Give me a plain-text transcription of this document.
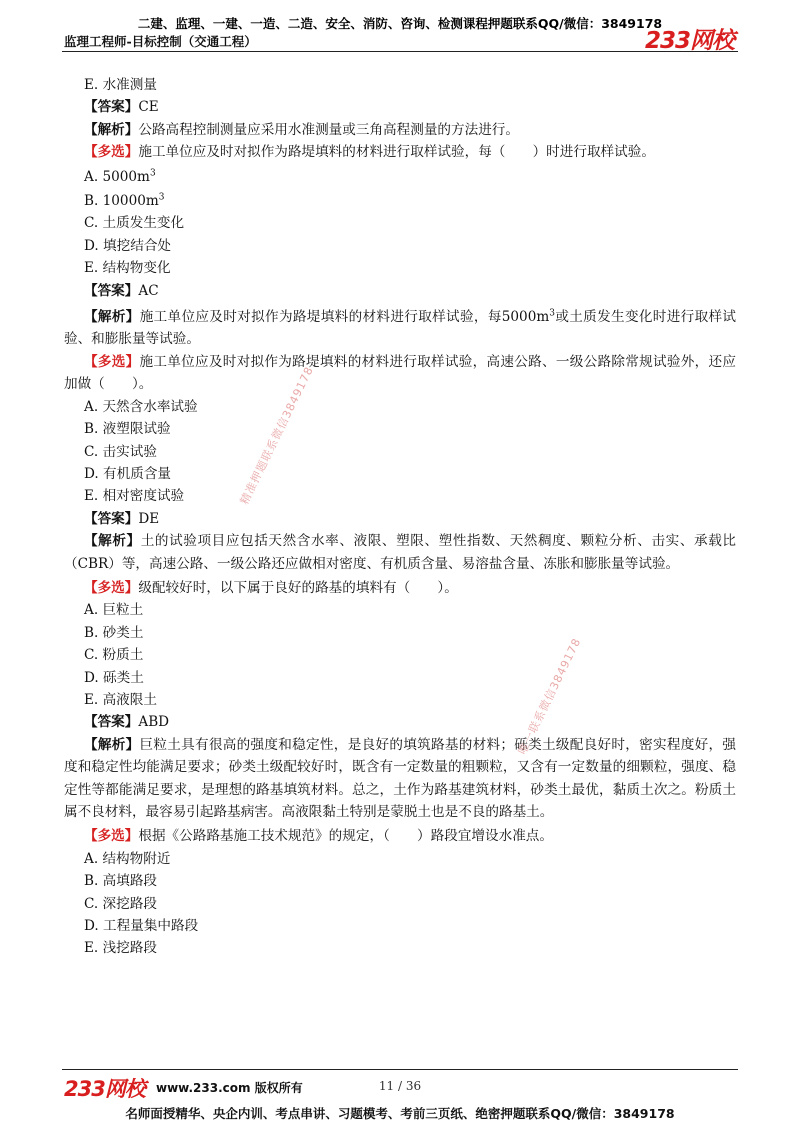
二建、监理、一建、一造、二造、安全、消防、咨询、检测课程押题联系QQ/微信：3849178
监理工程师-目标控制（交通工程）	233网校
E. 水准测量
【答案】CE
【解析】公路高程控制测量应采用水准测量或三角高程测量的方法进行。
【多选】施工单位应及时对拟作为路堤填料的材料进行取样试验，每（　　）时进行取样试验。
A. $5000m^3$
B. $10000m^3$
C. 土质发生变化
D. 填挖结合处
E. 结构物变化
【答案】AC
【解析】施工单位应及时对拟作为路堤填料的材料进行取样试验，每$5000m^3$或土质发生变化时进行取样试验、和膨胀量等试验。
【多选】施工单位应及时对拟作为路堤填料的材料进行取样试验，高速公路、一级公路除常规试验外，还应加做（　　）。
A. 天然含水率试验
B. 液塑限试验
C. 击实试验
D. 有机质含量
E. 相对密度试验
【答案】DE
【解析】土的试验项目应包括天然含水率、液限、塑限、塑性指数、天然稠度、颗粒分析、击实、承载比（CBR）等，高速公路、一级公路还应做相对密度、有机质含量、易溶盐含量、冻胀和膨胀量等试验。
【多选】级配较好时，以下属于良好的路基的填料有（　　）。
A. 巨粒土
B. 砂类土
C. 粉质土
D. 砾类土
E. 高液限土
【答案】ABD
【解析】巨粒土具有很高的强度和稳定性，是良好的填筑路基的材料；砾类土级配良好时，密实程度好，强度和稳定性均能满足要求；砂类土级配较好时，既含有一定数量的粗颗粒，又含有一定数量的细颗粒，强度、稳定性等都能满足要求，是理想的路基填筑材料。总之，土作为路基建筑材料，砂类土最优，黏质土次之。粉质土属不良材料，最容易引起路基病害。高液限黏土特别是蒙脱土也是不良的路基土。
【多选】根据《公路路基施工技术规范》的规定，（　　）路段宜增设水准点。
A. 结构物附近
B. 高填路段
C. 深挖路段
D. 工程量集中路段
E. 浅挖路段
精准押题联系微信3849178
唯一联系微信3849178
233网校 www.233.com 版权所有	11 / 36
名师面授精华、央企内训、考点串讲、习题模考、考前三页纸、绝密押题联系QQ/微信：3849178
